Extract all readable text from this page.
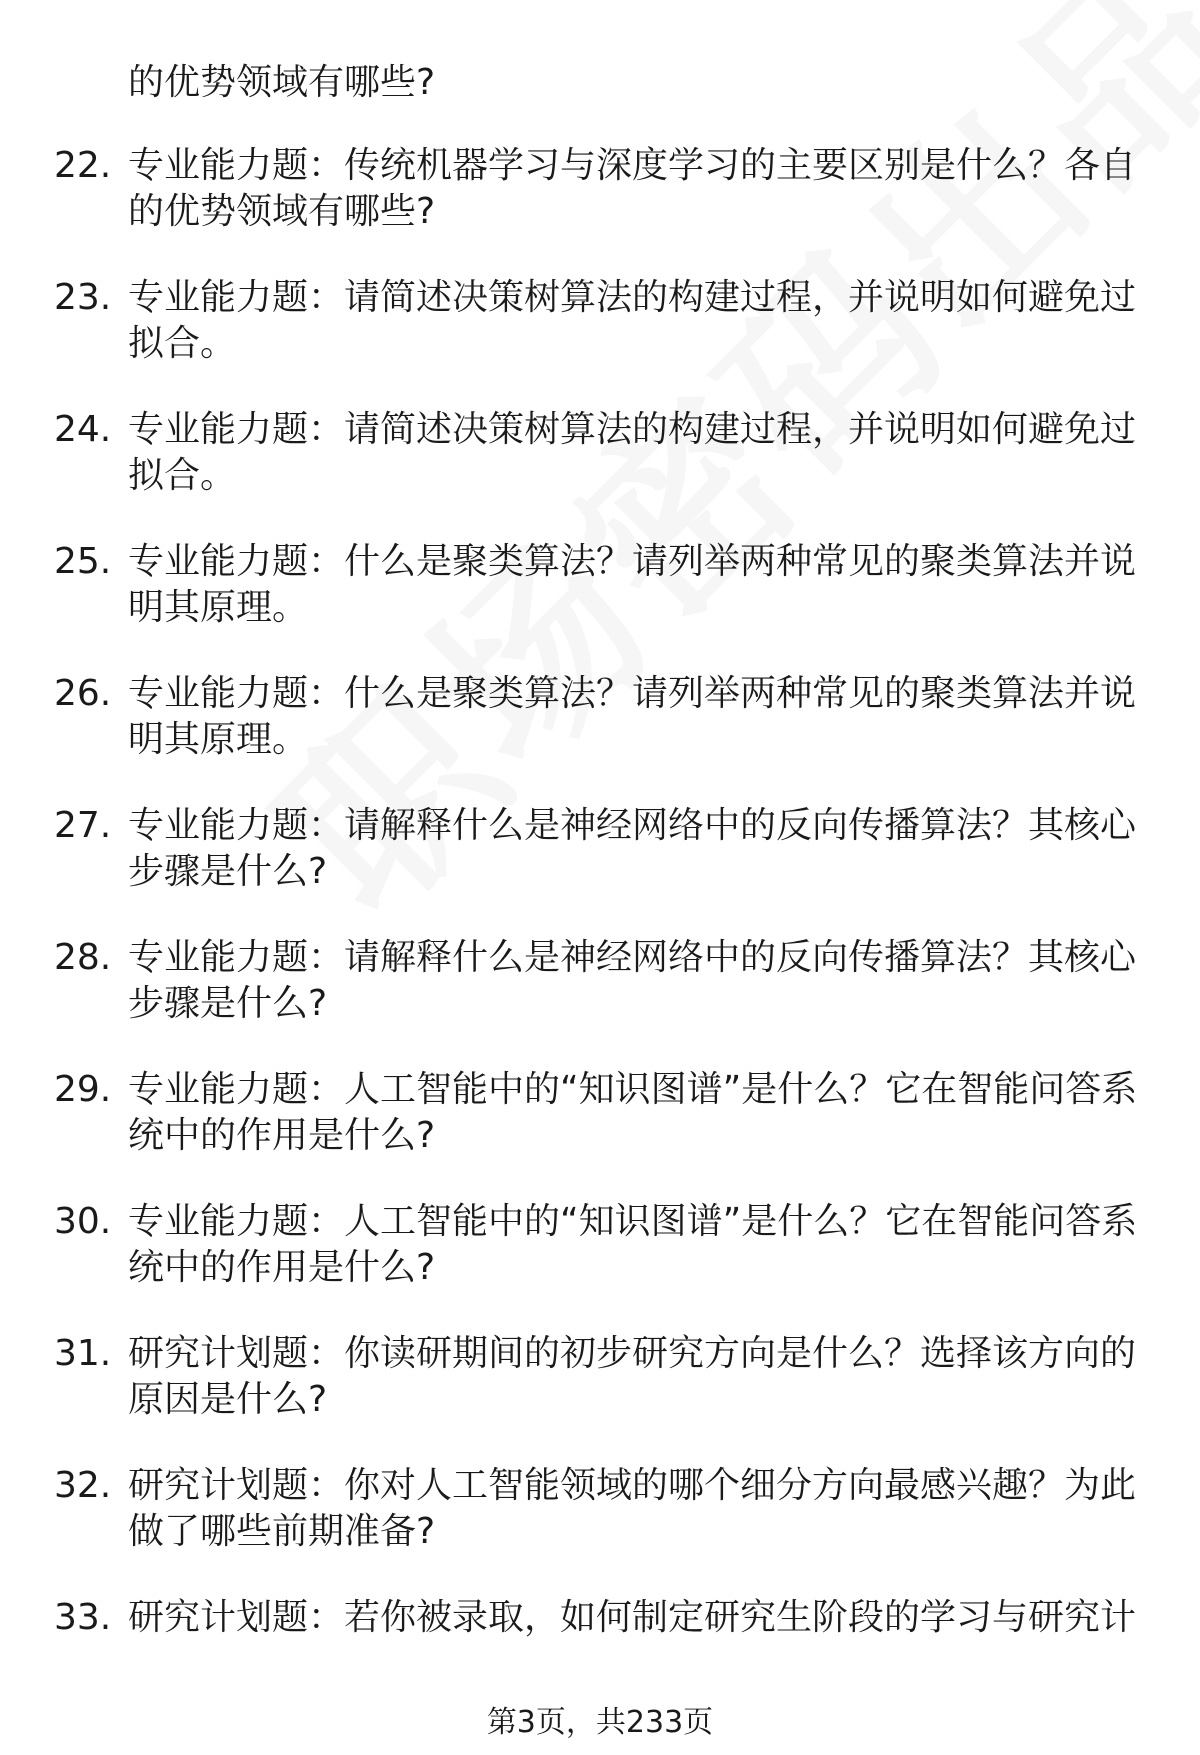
的优势领域有哪些?
22. 专业能力题：传统机器学习与深度学习的主要区别是什么？各自的优势领域有哪些?
23. 专业能力题：请简述决策树算法的构建过程，并说明如何避免过拟合。
24. 专业能力题：请简述决策树算法的构建过程，并说明如何避免过拟合。
25. 专业能力题：什么是聚类算法？请列举两种常见的聚类算法并说明其原理。
26. 专业能力题：什么是聚类算法？请列举两种常见的聚类算法并说明其原理。
27. 专业能力题：请解释什么是神经网络中的反向传播算法？其核心步骤是什么?
28. 专业能力题：请解释什么是神经网络中的反向传播算法？其核心步骤是什么?
29. 专业能力题：人工智能中的“知识图谱”是什么？它在智能问答系统中的作用是什么?
30. 专业能力题：人工智能中的“知识图谱”是什么？它在智能问答系统中的作用是什么?
31. 研究计划题：你读研期间的初步研究方向是什么？选择该方向的原因是什么?
32. 研究计划题：你对人工智能领域的哪个细分方向最感兴趣？为此做了哪些前期准备?
33. 研究计划题：若你被录取，如何制定研究生阶段的学习与研究计
第3页，共233页
